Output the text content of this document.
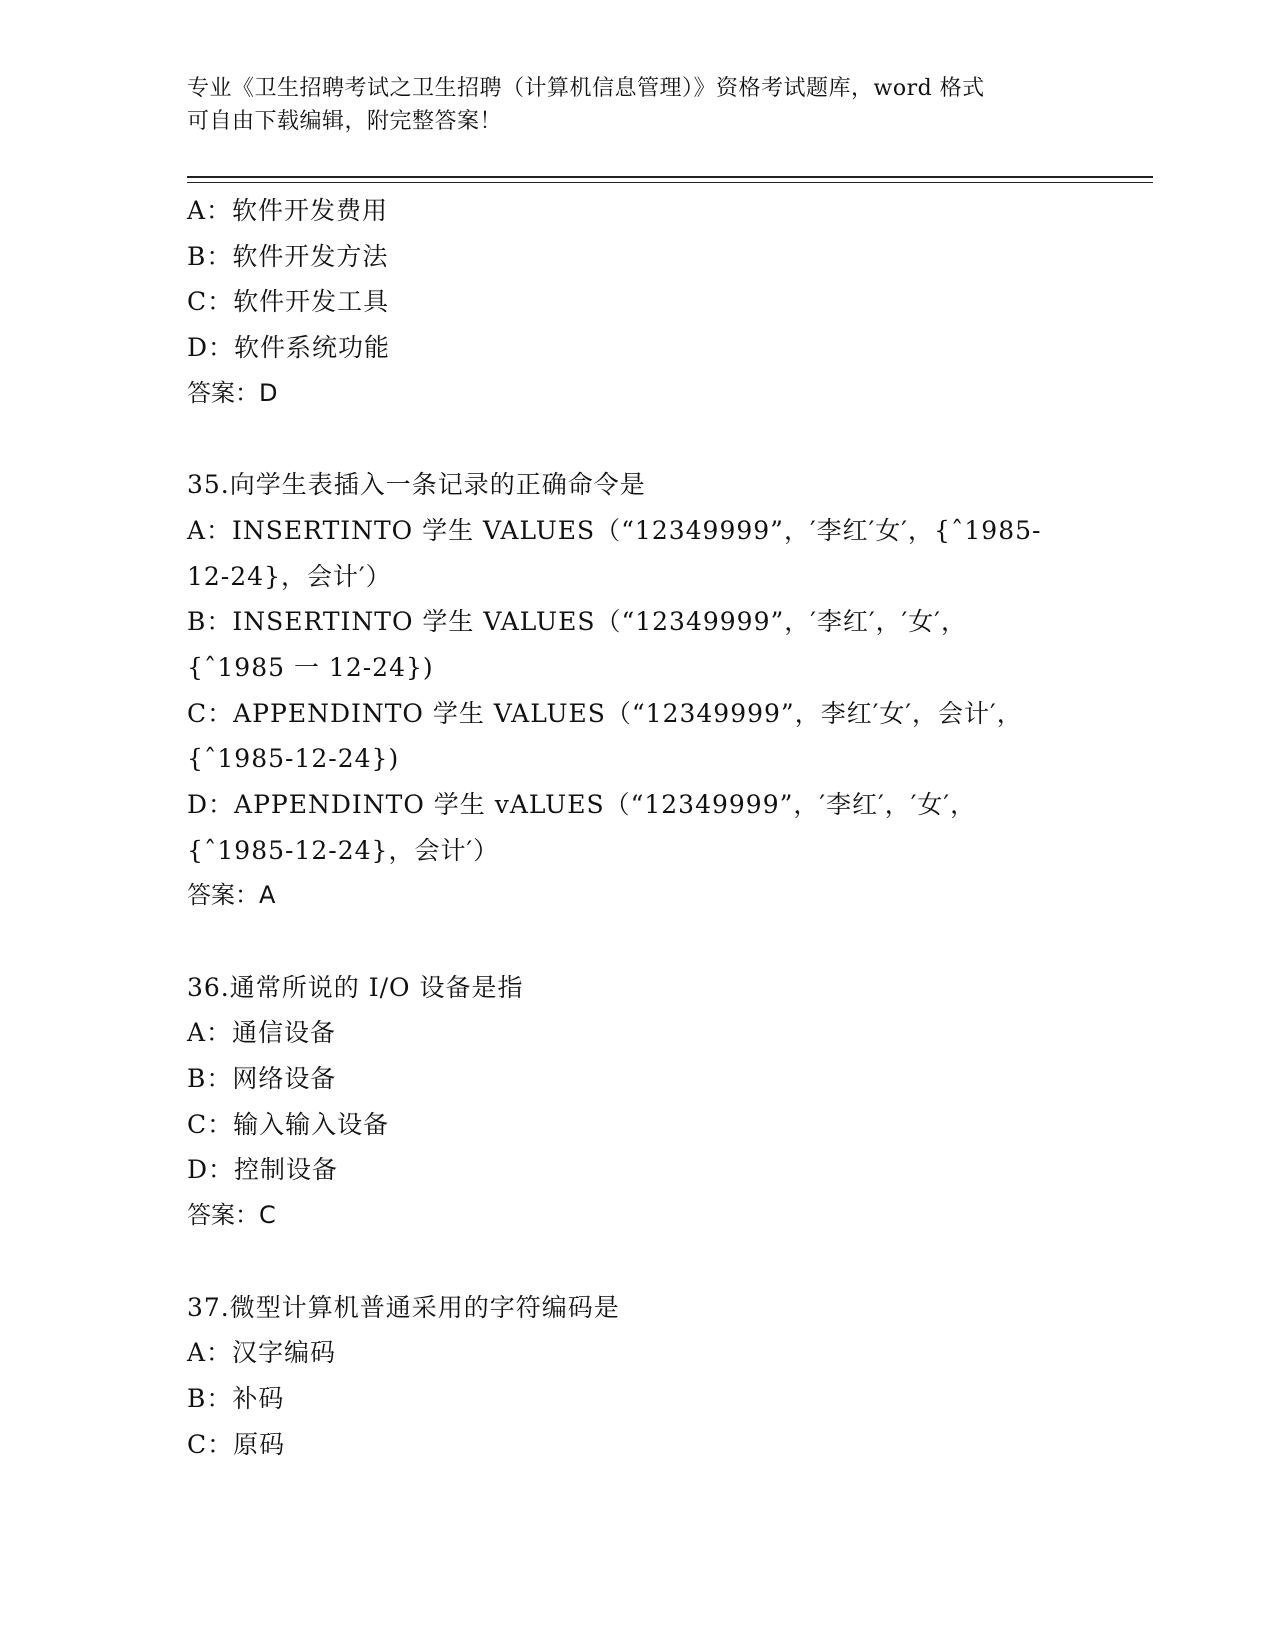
专业《卫生招聘考试之卫生招聘（计算机信息管理）》资格考试题库，word 格式
可自由下载编辑，附完整答案！
A：软件开发费用
B：软件开发方法
C：软件开发工具
D：软件系统功能
答案：D
35.向学生表插入一条记录的正确命令是
A：INSERTINTO 学生 VALUES（“12349999”，′李红′女′，{ˆ1985-
12-24}，会计′）
B：INSERTINTO 学生 VALUES（“12349999”，′李红′，′女′，
{ˆ1985 一 12-24})
C：APPENDINTO 学生 VALUES（“12349999”，李红′女′，会计′，
{ˆ1985-12-24})
D：APPENDINTO 学生 vALUES（“12349999”，′李红′，′女′，
{ˆ1985-12-24}，会计′）
答案：A
36.通常所说的 I/O 设备是指
A：通信设备
B：网络设备
C：输入输入设备
D：控制设备
答案：C
37.微型计算机普通采用的字符编码是
A：汉字编码
B：补码
C：原码
